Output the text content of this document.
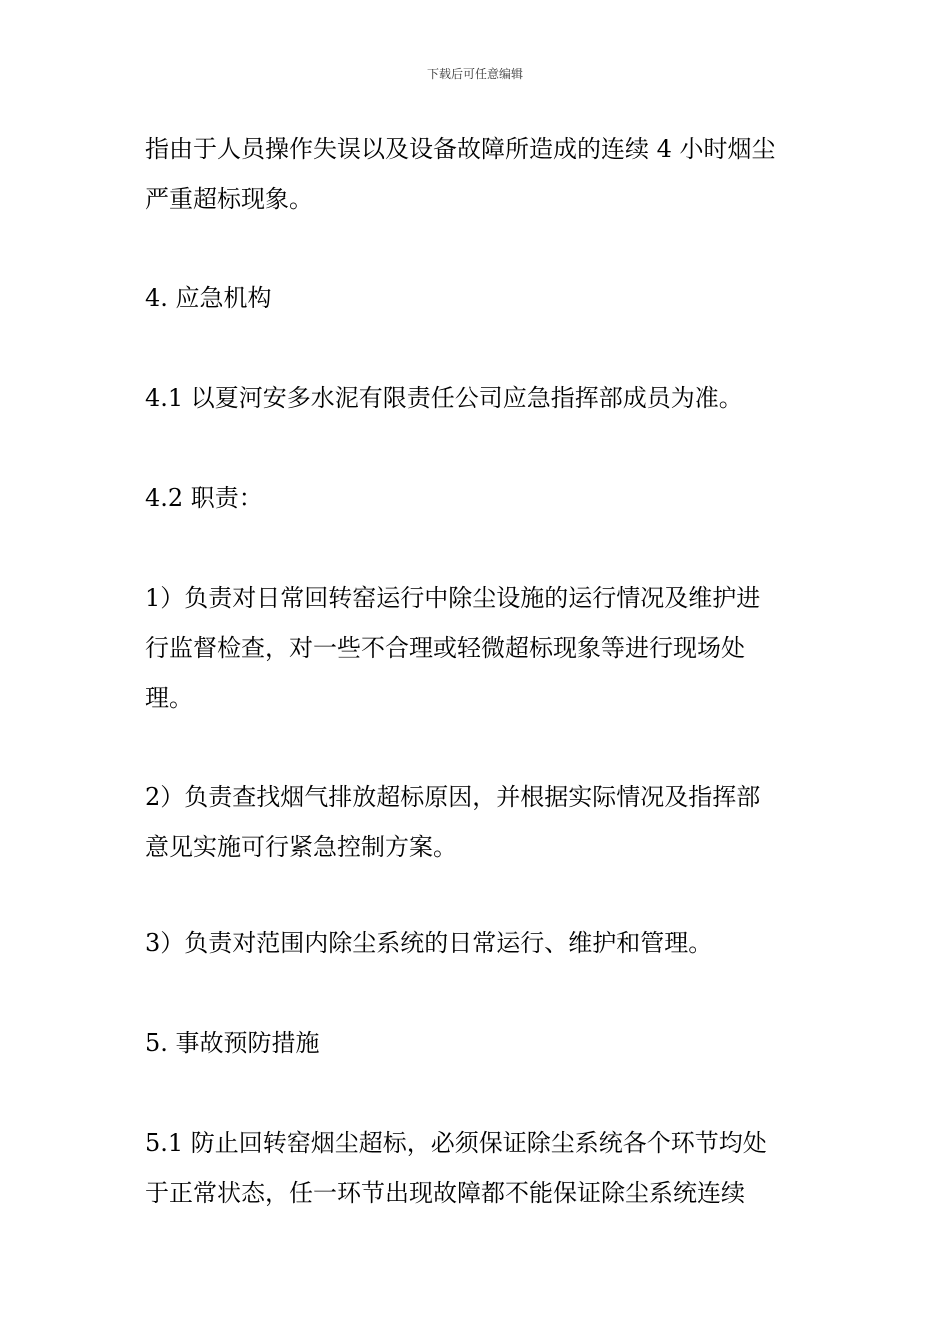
下载后可任意编辑
指由于人员操作失误以及设备故障所造成的连续 4 小时烟尘
严重超标现象。
4. 应急机构
4.1 以夏河安多水泥有限责任公司应急指挥部成员为准。
4.2 职责：
1）负责对日常回转窑运行中除尘设施的运行情况及维护进
行监督检查，对一些不合理或轻微超标现象等进行现场处
理。
2）负责查找烟气排放超标原因，并根据实际情况及指挥部
意见实施可行紧急控制方案。
3）负责对范围内除尘系统的日常运行、维护和管理。
5. 事故预防措施
5.1 防止回转窑烟尘超标，必须保证除尘系统各个环节均处
于正常状态，任一环节出现故障都不能保证除尘系统连续
